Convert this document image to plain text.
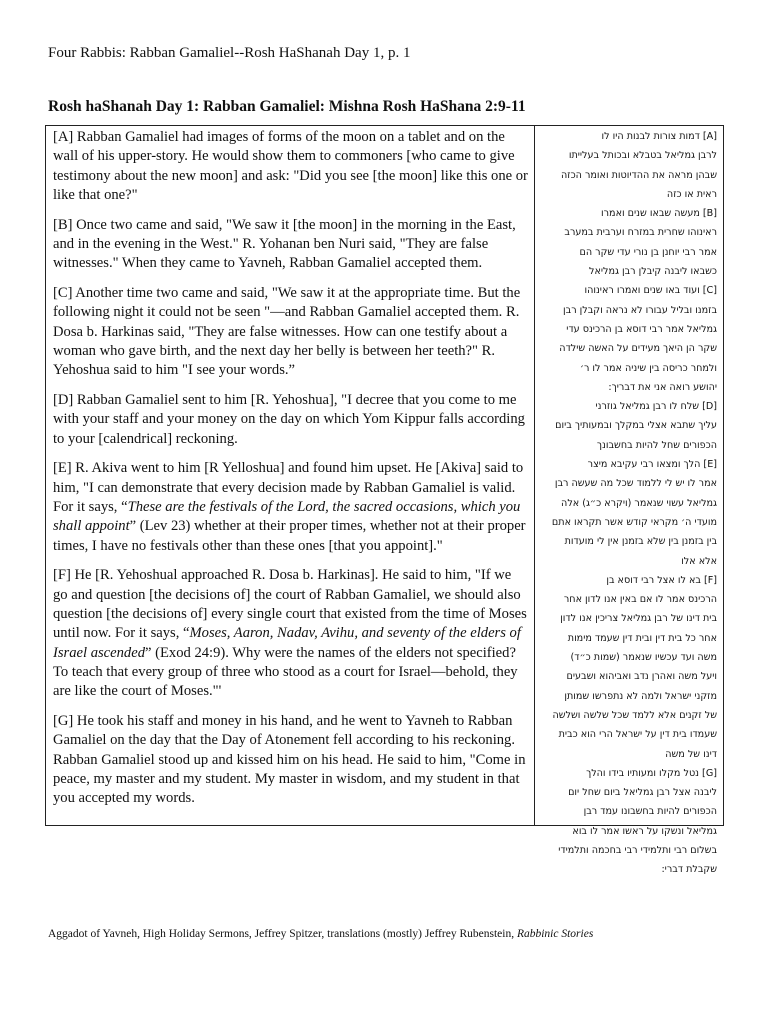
Four Rabbis: Rabban Gamaliel--Rosh HaShanah Day 1, p. 1
Rosh haShanah Day 1: Rabban Gamaliel: Mishna Rosh HaShana 2:9-11

[A] Rabban Gamaliel had images of forms of the moon on a tablet and on the wall of his upper-story. He would show them to commoners [who came to give testimony about the new moon] and ask: "Did you see [the moon] like this one or like that one?"

[B] Once two came and said, "We saw it [the moon] in the morning in the East, and in the evening in the West." R. Yohanan ben Nuri said, "They are false witnesses." When they came to Yavneh, Rabban Gamaliel accepted them.

[C] Another time two came and said, "We saw it at the appropriate time. But the following night it could not be seen "—and Rabban Gamaliel accepted them. R. Dosa b. Harkinas said, "They are false witnesses. How can one testify about a woman who gave birth, and the next day her belly is between her teeth?" R. Yehoshua said to him "I see your words.”

[D] Rabban Gamaliel sent to him [R. Yehoshua], "I decree that you come to me with your staff and your money on the day on which Yom Kippur falls according to your [calendrical] reckoning.

[E] R. Akiva went to him [R Yelloshua] and found him upset. He [Akiva] said to him, "I can demonstrate that every decision made by Rabban Gamaliel is valid. For it says, “These are the festivals of the Lord, the sacred occasions, which you shall appoint” (Lev 23) whether at their proper times, whether not at their proper times, I have no festivals other than these ones [that you appoint]."

[F] He [R. Yehoshual approached R. Dosa b. Harkinas]. He said to him, "If we go and question [the decisions of] the court of Rabban Gamaliel, we should also question [the decisions of] every single court that existed from the time of Moses until now. For it says, “Moses, Aaron, Nadav, Avihu, and seventy of the elders of Israel ascended” (Exod 24:9). Why were the names of the elders not specified? To teach that every group of three who stood as a court for Israel—behold, they are like the court of Moses."'

[G] He took his staff and money in his hand, and he went to Yavneh to Rabban Gamaliel on the day that the Day of Atonement fell according to his reckoning. Rabban Gamaliel stood up and kissed him on his head. He said to him, "Come in peace, my master and my student. My master in wisdom, and my student in that you accepted my words.

[A] דמות צורות לבנות היו לו
לרבן גמליאל בטבלא ובכותל בעלייתו
שבהן מראה את ההדיוטות ואומר הכזה
ראית או כזה
[B] מעשה שבאו שנים ואמרו
ראינוהו שחרית במזרח וערבית במערב
אמר רבי יוחנן בן נורי עדי שקר הם
כשבאו ליבנה קיבלן רבן גמליאל
[C] ועוד באו שנים ואמרו ראינוהו
בזמנו ובליל עבורו לא נראה וקבלן רבן
גמליאל אמר רבי דוסא בן הרכינס עדי
שקר הן היאך מעידים על האשה שילדה
ולמחר כריסה בין שיניה אמר לו ר׳
יהושע רואה אני את דבריך:
[D] שלח לו רבן גמליאל גוזרני
עליך שתבא אצלי במקלך ובמעותיך ביום
הכפורים שחל להיות בחשבונך
[E] הלך ומצאו רבי עקיבא מיצר
אמר לו יש לי ללמוד שכל מה שעשה רבן
גמליאל עשוי שנאמר (ויקרא כ״ג) אלה
מועדי ה׳ מקראי קודש אשר תקראו אתם
בין בזמנן בין שלא בזמנן אין לי מועדות
אלא אלו
[F] בא לו אצל רבי דוסא בן
הרכינס אמר לו אם באין אנו לדון אחר
בית דינו של רבן גמליאל צריכין אנו לדון
אחר כל בית דין ובית דין שעמד מימות
משה ועד עכשיו שנאמר (שמות כ״ד)
ויעל משה ואהרן נדב ואביהוא ושבעים
מזקני ישראל ולמה לא נתפרשו שמותן
של זקנים אלא ללמד שכל שלשה ושלשה
שעמדו בית דין על ישראל הרי הוא כבית
דינו של משה
[G] נטל מקלו ומעותיו בידו והלך
ליבנה אצל רבן גמליאל ביום שחל יום
הכפורים להיות בחשבונו עמד רבן
גמליאל ונשקו על ראשו אמר לו בוא
בשלום רבי ותלמידי רבי בחכמה ותלמידי
שקבלת דברי:
Aggadot of Yavneh, High Holiday Sermons, Jeffrey Spitzer, translations (mostly) Jeffrey Rubenstein, Rabbinic Stories
